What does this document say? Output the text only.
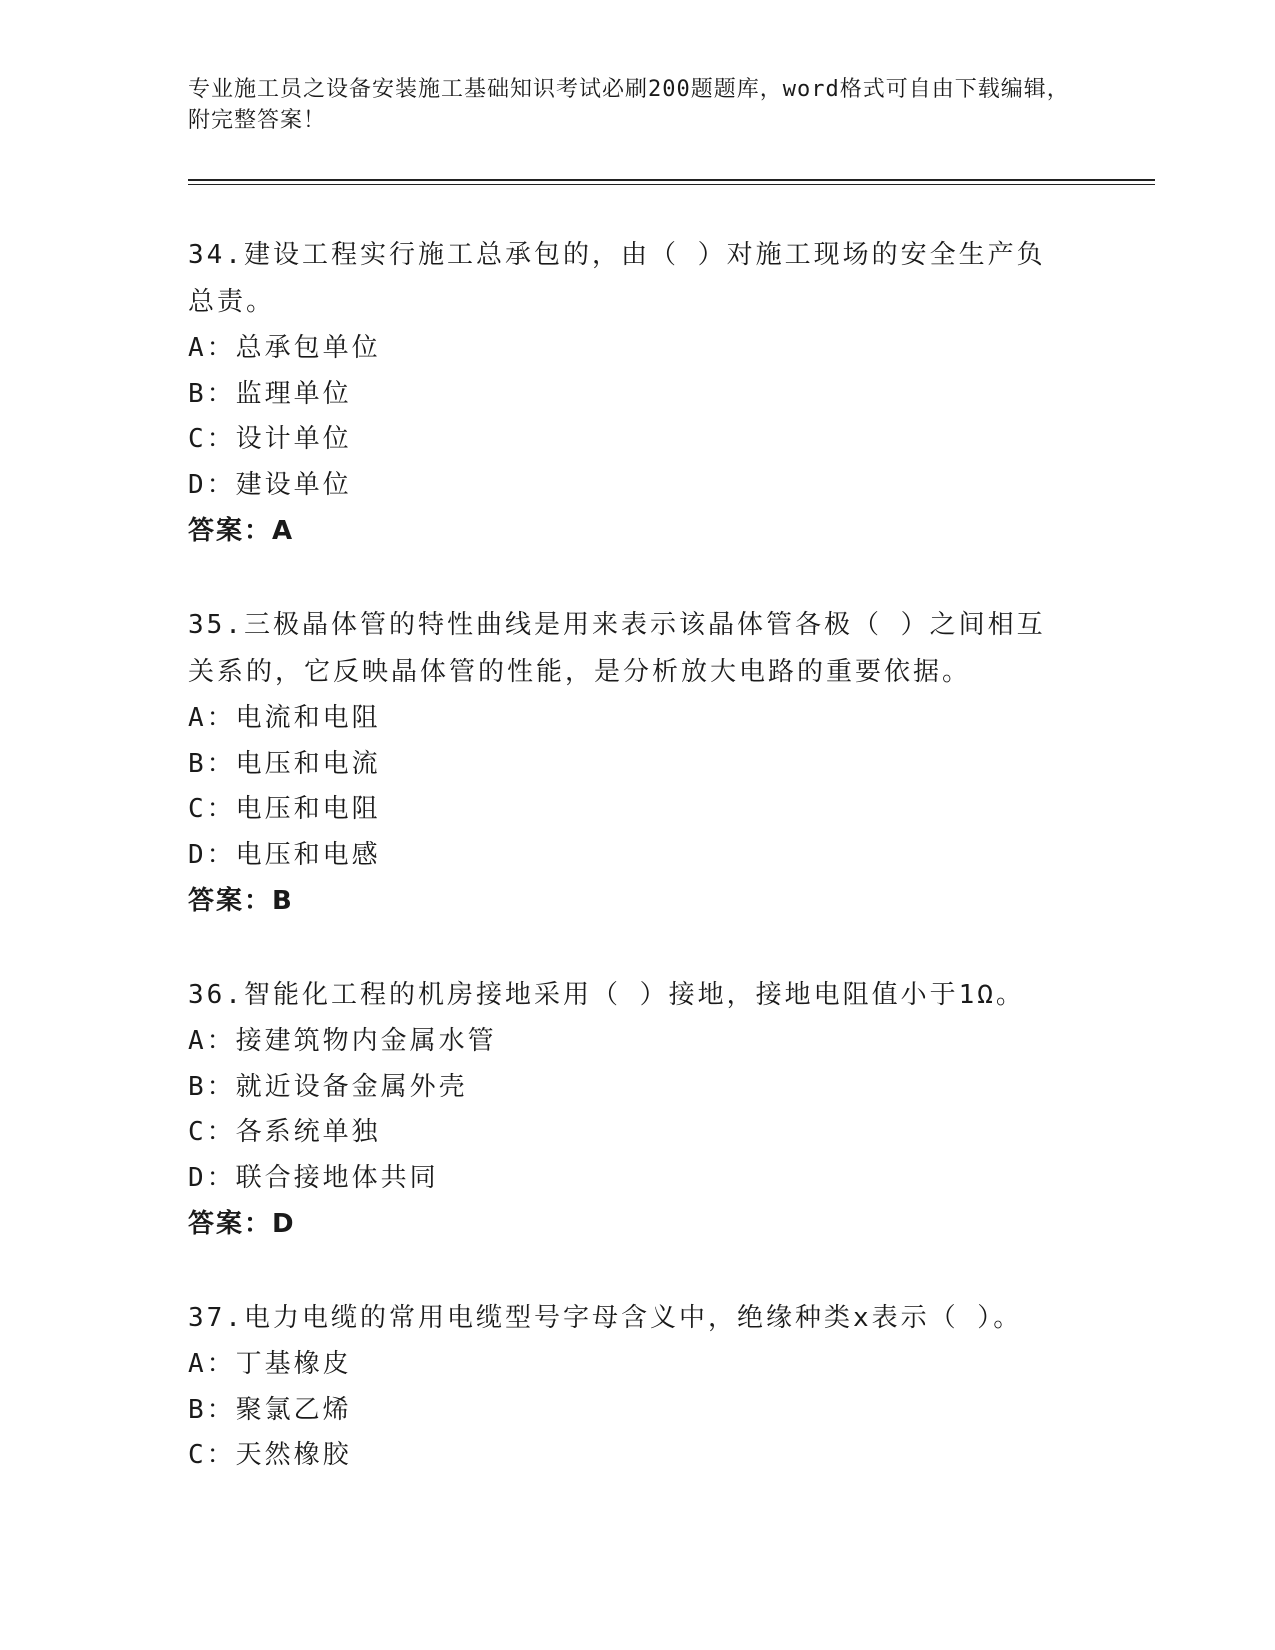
专业施工员之设备安装施工基础知识考试必刷200题题库，word格式可自由下载编辑，附完整答案！
34.建设工程实行施工总承包的，由（ ）对施工现场的安全生产负总责。
A：总承包单位
B：监理单位
C：设计单位
D：建设单位
答案：A
35.三极晶体管的特性曲线是用来表示该晶体管各极（ ）之间相互关系的，它反映晶体管的性能，是分析放大电路的重要依据。
A：电流和电阻
B：电压和电流
C：电压和电阻
D：电压和电感
答案：B
36.智能化工程的机房接地采用（ ）接地，接地电阻值小于1Ω。
A：接建筑物内金属水管
B：就近设备金属外壳
C：各系统单独
D：联合接地体共同
答案：D
37.电力电缆的常用电缆型号字母含义中，绝缘种类x表示（ ）。
A：丁基橡皮
B：聚氯乙烯
C：天然橡胶
